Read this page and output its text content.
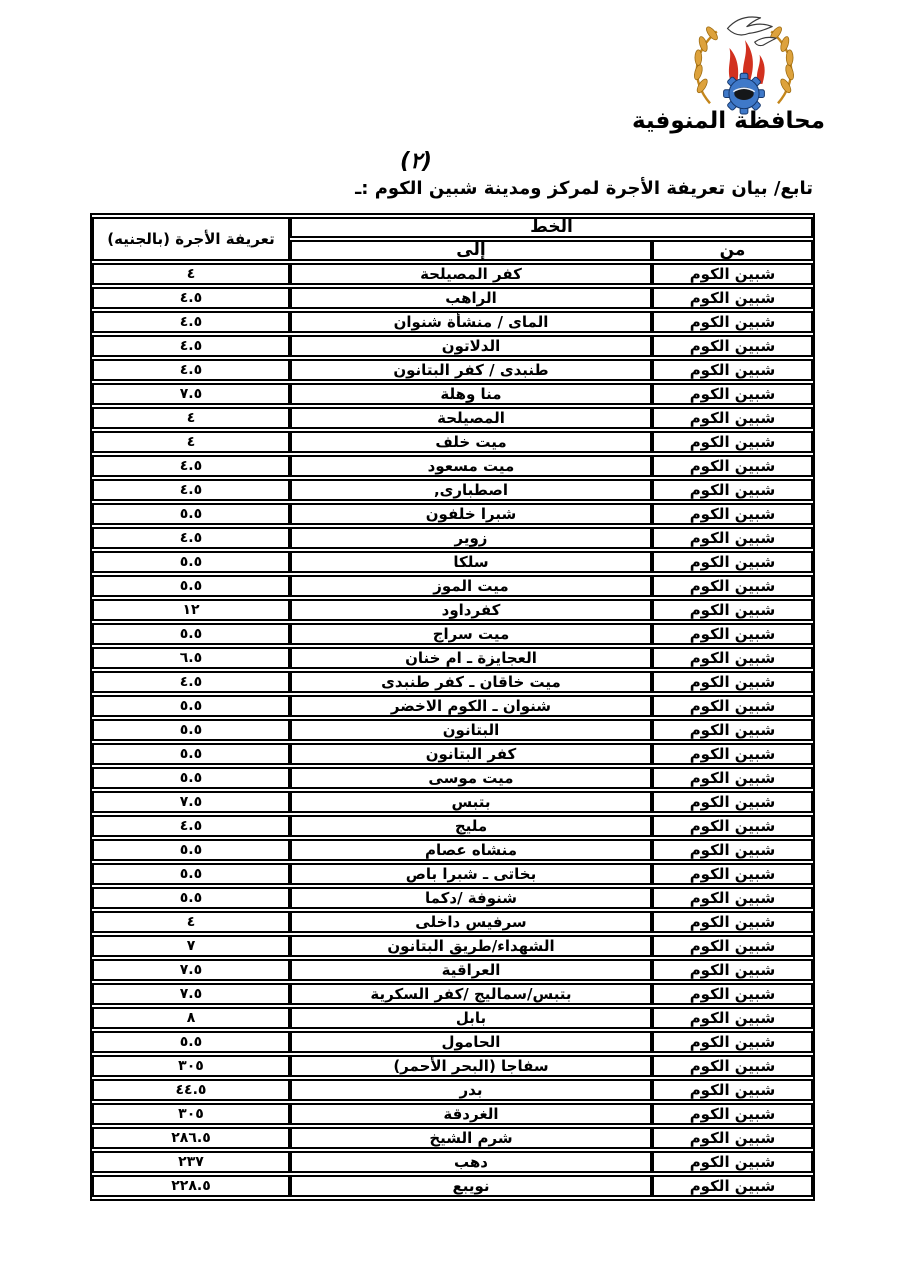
محافظة المنوفية
(٢)
تابع/ بيان تعريفة الأجرة لمركز ومدينة شبين الكوم :ـ
الخط		تعريفة الأجرة (بالجنيه)
من	إلى	
شبين الكوم	كفر المصيلحة	٤
شبين الكوم	الراهب	٤.٥
شبين الكوم	الماى / منشأة شنوان	٤.٥
شبين الكوم	الدلاتون	٤.٥
شبين الكوم	طنبدى / كفر البتانون	٤.٥
شبين الكوم	منا وهلة	٧.٥
شبين الكوم	المصيلحة	٤
شبين الكوم	ميت خلف	٤
شبين الكوم	ميت مسعود	٤.٥
شبين الكوم	اصطبارى,	٤.٥
شبين الكوم	شبرا خلفون	٥.٥
شبين الكوم	زوير	٤.٥
شبين الكوم	سلكا	٥.٥
شبين الكوم	ميت الموز	٥.٥
شبين الكوم	كفرداود	١٢
شبين الكوم	ميت سراج	٥.٥
شبين الكوم	العجايزة ـ ام خنان	٦.٥
شبين الكوم	ميت خاقان ـ كفر طنبدى	٤.٥
شبين الكوم	شنوان ـ الكوم الاخضر	٥.٥
شبين الكوم	البتانون	٥.٥
شبين الكوم	كفر البتانون	٥.٥
شبين الكوم	ميت موسى	٥.٥
شبين الكوم	بتبس	٧.٥
شبين الكوم	مليج	٤.٥
شبين الكوم	منشاه عصام	٥.٥
شبين الكوم	بخاتى ـ شبرا باص	٥.٥
شبين الكوم	شنوفة /دكما	٥.٥
شبين الكوم	سرفيس داخلى	٤
شبين الكوم	الشهداء/طريق البتانون	٧
شبين الكوم	العراقية	٧.٥
شبين الكوم	بتبس/سماليج /كفر السكرية	٧.٥
شبين الكوم	بابل	٨
شبين الكوم	الحامول	٥.٥
شبين الكوم	سفاجا (البحر الأحمر)	٣٠٥
شبين الكوم	بدر	٤٤.٥
شبين الكوم	الغردقة	٣٠٥
شبين الكوم	شرم الشيخ	٢٨٦.٥
شبين الكوم	دهب	٢٣٧
شبين الكوم	نويبع	٢٢٨.٥
